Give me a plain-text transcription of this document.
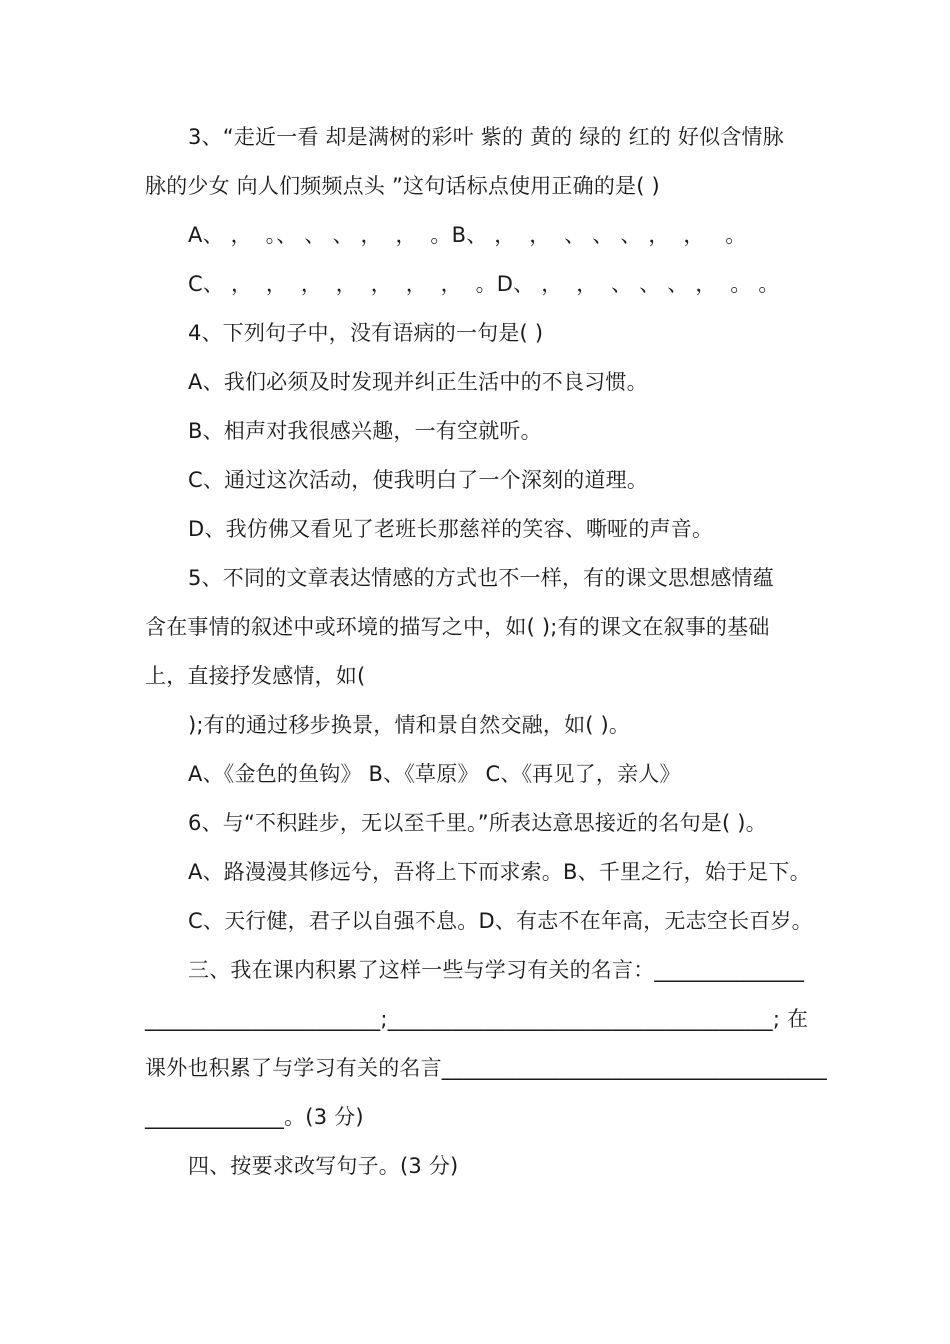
3、“走近一看 却是满树的彩叶 紫的 黄的 绿的 红的 好似含情脉
脉的少女 向人们频频点头 ”这句话标点使用正确的是( )
A、 ，  。、 、 、 ，  ，  。B、 ，  ，  、 、 、 ，  ，   。
C、 ，  ，  ，  ，  ，  ，  ，  。D、 ，  ，  、 、 、 ，  。 。
4、下列句子中，没有语病的一句是( )
A、我们必须及时发现并纠正生活中的不良习惯。
B、相声对我很感兴趣，一有空就听。
C、通过这次活动，使我明白了一个深刻的道理。
D、我仿佛又看见了老班长那慈祥的笑容、嘶哑的声音。
5、不同的文章表达情感的方式也不一样，有的课文思想感情蕴
含在事情的叙述中或环境的描写之中，如( );有的课文在叙事的基础
上，直接抒发感情，如(
);有的通过移步换景，情和景自然交融，如( )。
A、《金色的鱼钩》 B、《草原》 C、《再见了，亲人》
6、与“不积跬步，无以至千里。”所表达意思接近的名句是( )。
A、路漫漫其修远兮，吾将上下而求索。B、千里之行，始于足下。
C、天行健，君子以自强不息。D、有志不在年高，无志空长百岁。
三、我在课内积累了这样一些与学习有关的名言：______________
______________________;____________________________________; 在
课外也积累了与学习有关的名言____________________________________
_____________。(3 分)
四、按要求改写句子。(3 分)
